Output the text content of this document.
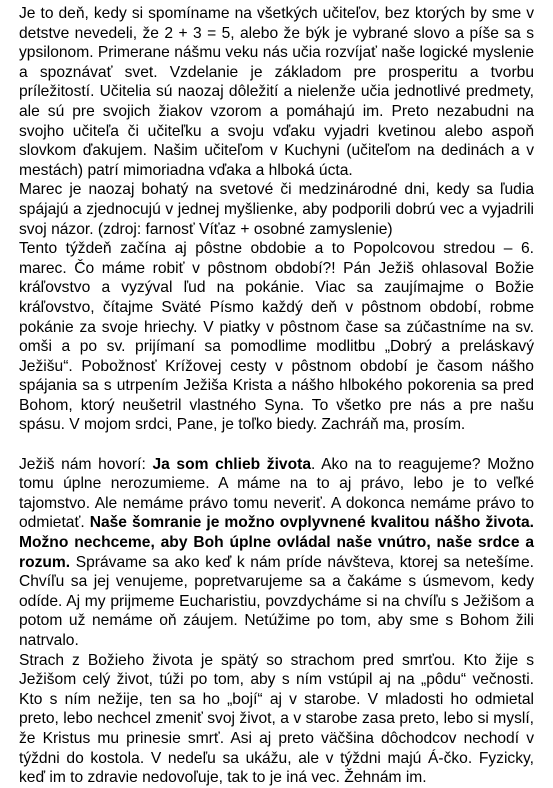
Je to deň, kedy si spomíname na všetkých učiteľov, bez ktorých by sme v detstve nevedeli, že 2 + 3 = 5, alebo že býk je vybrané slovo a píše sa s ypsilonom. Primerane nášmu veku nás učia rozvíjať naše logické myslenie a spoznávať svet. Vzdelanie je základom pre prosperitu a tvorbu príležitostí. Učitelia sú naozaj dôležití a nielenže učia jednotlivé predmety, ale sú pre svojich žiakov vzorom a pomáhajú im. Preto nezabudni na svojho učiteľa či učiteľku a svoju vďaku vyjadri kvetinou alebo aspoň slovkom ďakujem. Našim učiteľom v Kuchyni (učiteľom na dedinách a v mestách) patrí mimoriadna vďaka a hlboká úcta.

Marec je naozaj bohatý na svetové či medzinárodné dni, kedy sa ľudia spájajú a zjednocujú v jednej myšlienke, aby podporili dobrú vec a vyjadrili svoj názor. (zdroj: farnosť Víťaz + osobné zamyslenie)

Tento týždeň začína aj pôstne obdobie a to Popolcovou stredou – 6. marec. Čo máme robiť v pôstnom období?! Pán Ježiš ohlasoval Božie kráľovstvo a vyzýval ľud na pokánie. Viac sa zaujímajme o Božie kráľovstvo, čítajme Sväté Písmo každý deň v pôstnom období, robme pokánie za svoje hriechy. V piatky v pôstnom čase sa zúčastníme na sv. omši a po sv. prijímaní sa pomodlime modlitbu „Dobrý a preláskavý Ježišu“. Pobožnosť Krížovej cesty v pôstnom období je časom nášho spájania sa s utrpením Ježiša Krista a nášho hlbokého pokorenia sa pred Bohom, ktorý neušetril vlastného Syna. To všetko pre nás a pre našu spásu. V mojom srdci, Pane, je toľko biedy. Zachráň ma, prosím.

Ježiš nám hovorí: Ja som chlieb života. Ako na to reagujeme? Možno tomu úplne nerozumieme. A máme na to aj právo, lebo je to veľké tajomstvo. Ale nemáme právo tomu neveriť. A dokonca nemáme právo to odmietať. Naše šomranie je možno ovplyvnené kvalitou nášho života. Možno nechceme, aby Boh úplne ovládal naše vnútro, naše srdce a rozum. Správame sa ako keď k nám príde návšteva, ktorej sa netešíme. Chvíľu sa jej venujeme, popretvarujeme sa a čakáme s úsmevom, kedy odíde. Aj my prijmeme Eucharistiu, povzdycháme si na chvíľu s Ježišom a potom už nemáme oň záujem. Netúžime po tom, aby sme s Bohom žili natrvalo.

Strach z Božieho života je spätý so strachom pred smrťou. Kto žije s Ježišom celý život, túži po tom, aby s ním vstúpil aj na „pôdu“ večnosti. Kto s ním nežije, ten sa ho „bojí“ aj v starobe. V mladosti ho odmietal preto, lebo nechcel zmeniť svoj život, a v starobe zasa preto, lebo si myslí, že Kristus mu prinesie smrť. Asi aj preto väčšina dôchodcov nechodí v týždni do kostola. V nedeľu sa ukážu, ale v týždni majú Á-čko. Fyzicky, keď im to zdravie nedovoľuje, tak to je iná vec. Žehnám im.
